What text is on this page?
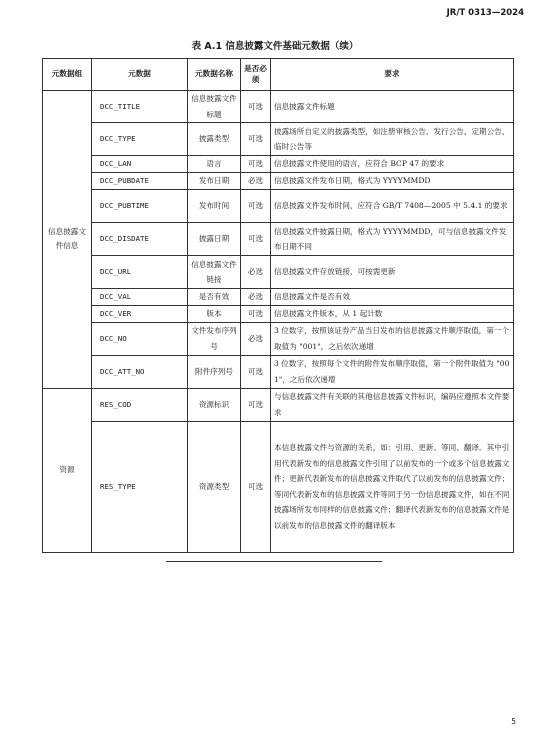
JR/T 0313—2024
表 A.1 信息披露文件基础元数据（续）
元数据组	元数据	元数据名称	是否必须	要求
信息披露文件信息	DCC_TITLE	信息披露文件标题	可选	信息披露文件标题
	DCC_TYPE	披露类型	可选	披露场所自定义的披露类型，如注册审核公告、发行公告、定期公告、临时公告等
	DCC_LAN	语言	可选	信息披露文件使用的语言，应符合 BCP 47 的要求
	DCC_PUBDATE	发布日期	必选	信息披露文件发布日期，格式为 YYYYMMDD
	DCC_PUBTIME	发布时间	可选	信息披露文件发布时间，应符合 GB/T 7408—2005 中 5.4.1 的要求
	DCC_DISDATE	披露日期	可选	信息披露文件披露日期，格式为 YYYYMMDD，可与信息披露文件发布日期不同
	DCC_URL	信息披露文件链接	必选	信息披露文件存放链接，可按需更新
	DCC_VAL	是否有效	必选	信息披露文件是否有效
	DCC_VER	版本	可选	信息披露文件版本，从 1 起计数
	DCC_NO	文件发布序列号	必选	3 位数字，按照该证券产品当日发布的信息披露文件顺序取值，第一个取值为 "001"，之后依次递增
	DCC_ATT_NO	附件序列号	可选	3 位数字，按照每个文件的附件发布顺序取值，第一个附件取值为 "001"，之后依次递增
资源	RES_COD	资源标识	可选	与信息披露文件有关联的其他信息披露文件标识，编码应遵照本文件要求
	RES_TYPE	资源类型	可选	本信息披露文件与资源的关系，如：引用、更新、等同、翻译。其中引用代表新发布的信息披露文件引用了以前发布的一个或多个信息披露文件；更新代表新发布的信息披露文件取代了以前发布的信息披露文件；等同代表新发布的信息披露文件等同于另一份信息披露文件，如在不同披露场所发布同样的信息披露文件；翻译代表新发布的信息披露文件是以前发布的信息披露文件的翻译版本
5
